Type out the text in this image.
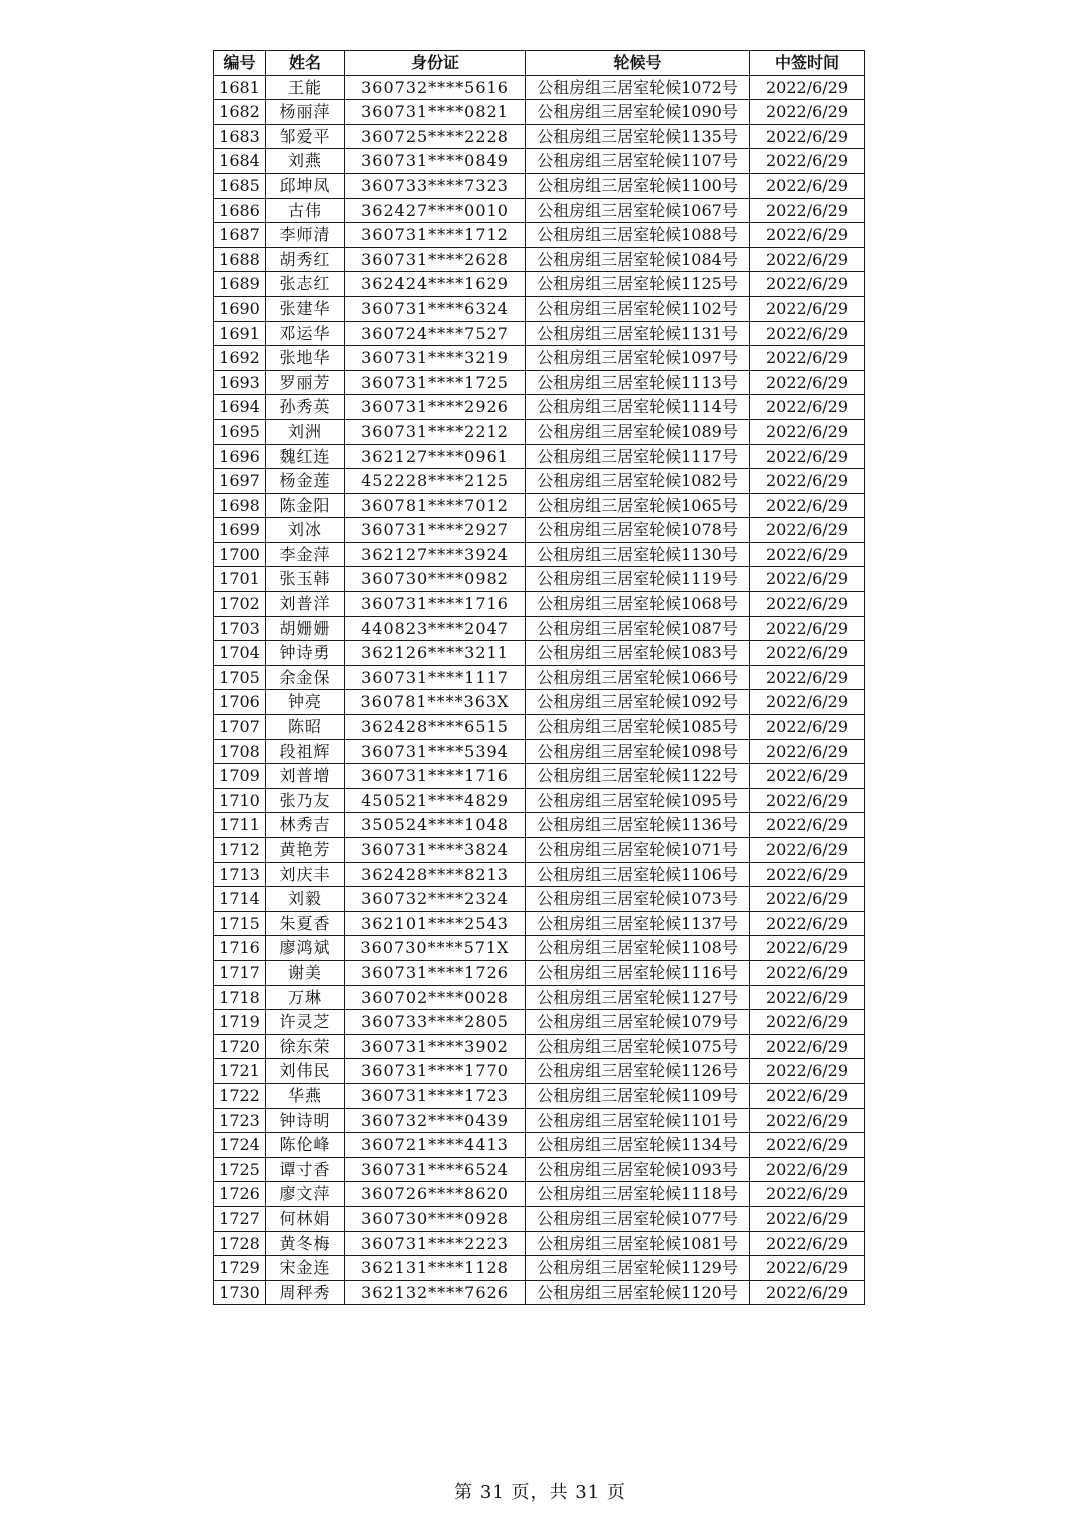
编号	姓名	身份证	轮候号	中签时间
1681	王能	360732****5616	公租房组三居室轮候1072号	2022/6/29
1682	杨丽萍	360731****0821	公租房组三居室轮候1090号	2022/6/29
1683	邹爱平	360725****2228	公租房组三居室轮候1135号	2022/6/29
1684	刘燕	360731****0849	公租房组三居室轮候1107号	2022/6/29
1685	邱坤凤	360733****7323	公租房组三居室轮候1100号	2022/6/29
1686	古伟	362427****0010	公租房组三居室轮候1067号	2022/6/29
1687	李师清	360731****1712	公租房组三居室轮候1088号	2022/6/29
1688	胡秀红	360731****2628	公租房组三居室轮候1084号	2022/6/29
1689	张志红	362424****1629	公租房组三居室轮候1125号	2022/6/29
1690	张建华	360731****6324	公租房组三居室轮候1102号	2022/6/29
1691	邓运华	360724****7527	公租房组三居室轮候1131号	2022/6/29
1692	张地华	360731****3219	公租房组三居室轮候1097号	2022/6/29
1693	罗丽芳	360731****1725	公租房组三居室轮候1113号	2022/6/29
1694	孙秀英	360731****2926	公租房组三居室轮候1114号	2022/6/29
1695	刘洲	360731****2212	公租房组三居室轮候1089号	2022/6/29
1696	魏红连	362127****0961	公租房组三居室轮候1117号	2022/6/29
1697	杨金莲	452228****2125	公租房组三居室轮候1082号	2022/6/29
1698	陈金阳	360781****7012	公租房组三居室轮候1065号	2022/6/29
1699	刘冰	360731****2927	公租房组三居室轮候1078号	2022/6/29
1700	李金萍	362127****3924	公租房组三居室轮候1130号	2022/6/29
1701	张玉韩	360730****0982	公租房组三居室轮候1119号	2022/6/29
1702	刘普洋	360731****1716	公租房组三居室轮候1068号	2022/6/29
1703	胡姗姗	440823****2047	公租房组三居室轮候1087号	2022/6/29
1704	钟诗勇	362126****3211	公租房组三居室轮候1083号	2022/6/29
1705	余金保	360731****1117	公租房组三居室轮候1066号	2022/6/29
1706	钟亮	360781****363X	公租房组三居室轮候1092号	2022/6/29
1707	陈昭	362428****6515	公租房组三居室轮候1085号	2022/6/29
1708	段祖辉	360731****5394	公租房组三居室轮候1098号	2022/6/29
1709	刘普增	360731****1716	公租房组三居室轮候1122号	2022/6/29
1710	张乃友	450521****4829	公租房组三居室轮候1095号	2022/6/29
1711	林秀吉	350524****1048	公租房组三居室轮候1136号	2022/6/29
1712	黄艳芳	360731****3824	公租房组三居室轮候1071号	2022/6/29
1713	刘庆丰	362428****8213	公租房组三居室轮候1106号	2022/6/29
1714	刘毅	360732****2324	公租房组三居室轮候1073号	2022/6/29
1715	朱夏香	362101****2543	公租房组三居室轮候1137号	2022/6/29
1716	廖鸿斌	360730****571X	公租房组三居室轮候1108号	2022/6/29
1717	谢美	360731****1726	公租房组三居室轮候1116号	2022/6/29
1718	万琳	360702****0028	公租房组三居室轮候1127号	2022/6/29
1719	许灵芝	360733****2805	公租房组三居室轮候1079号	2022/6/29
1720	徐东荣	360731****3902	公租房组三居室轮候1075号	2022/6/29
1721	刘伟民	360731****1770	公租房组三居室轮候1126号	2022/6/29
1722	华燕	360731****1723	公租房组三居室轮候1109号	2022/6/29
1723	钟诗明	360732****0439	公租房组三居室轮候1101号	2022/6/29
1724	陈伦峰	360721****4413	公租房组三居室轮候1134号	2022/6/29
1725	谭寸香	360731****6524	公租房组三居室轮候1093号	2022/6/29
1726	廖文萍	360726****8620	公租房组三居室轮候1118号	2022/6/29
1727	何林娟	360730****0928	公租房组三居室轮候1077号	2022/6/29
1728	黄冬梅	360731****2223	公租房组三居室轮候1081号	2022/6/29
1729	宋金连	362131****1128	公租房组三居室轮候1129号	2022/6/29
1730	周秤秀	362132****7626	公租房组三居室轮候1120号	2022/6/29
第 31 页，共 31 页
